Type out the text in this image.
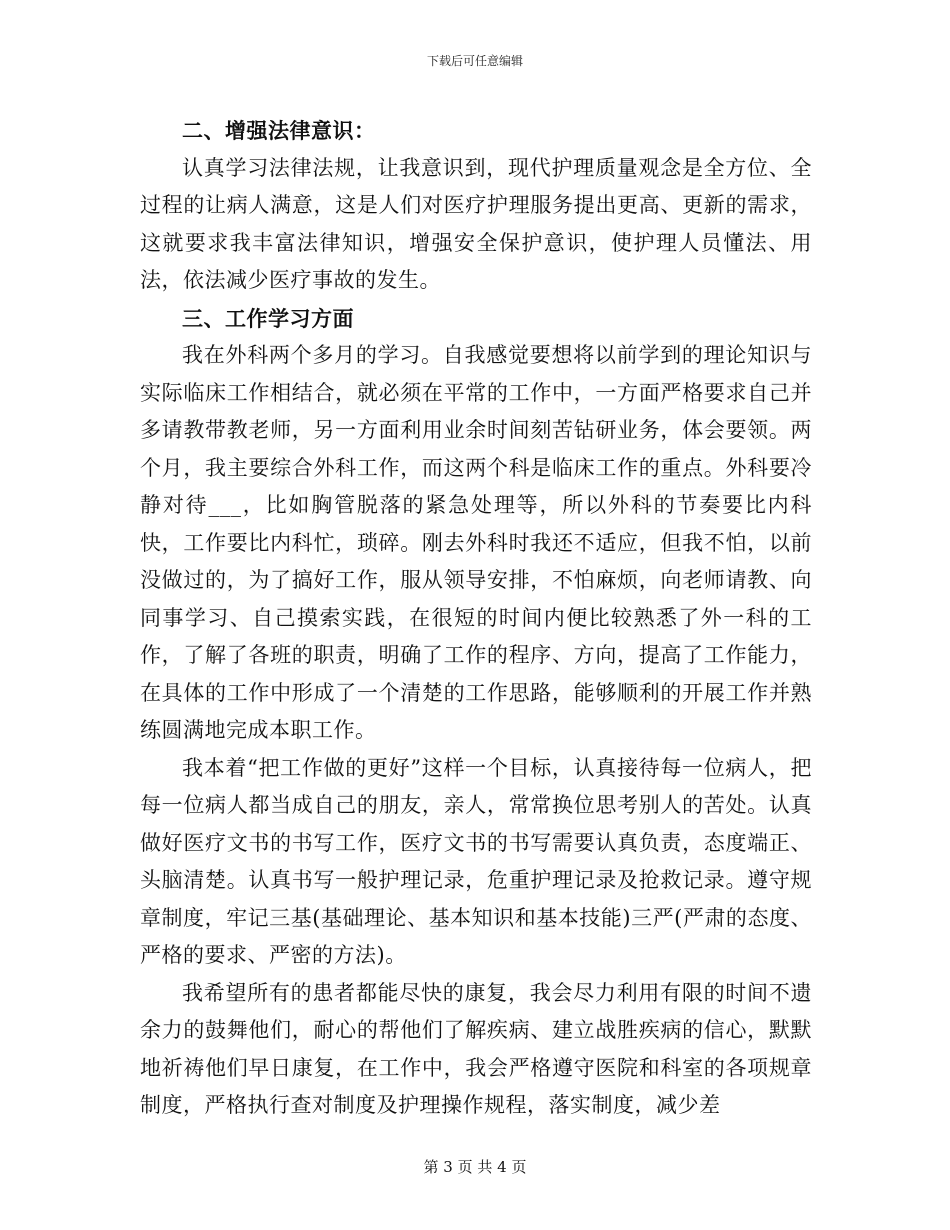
下载后可任意编辑

二、增强法律意识：

认真学习法律法规，让我意识到，现代护理质量观念是全方位、全过程的让病人满意，这是人们对医疗护理服务提出更高、更新的需求，这就要求我丰富法律知识，增强安全保护意识，使护理人员懂法、用法，依法减少医疗事故的发生。

三、工作学习方面

我在外科两个多月的学习。自我感觉要想将以前学到的理论知识与实际临床工作相结合，就必须在平常的工作中，一方面严格要求自己并多请教带教老师，另一方面利用业余时间刻苦钻研业务，体会要领。两个月，我主要综合外科工作，而这两个科是临床工作的重点。外科要冷静对待___，比如胸管脱落的紧急处理等，所以外科的节奏要比内科快，工作要比内科忙，琐碎。刚去外科时我还不适应，但我不怕，以前没做过的，为了搞好工作，服从领导安排，不怕麻烦，向老师请教、向同事学习、自己摸索实践，在很短的时间内便比较熟悉了外一科的工作，了解了各班的职责，明确了工作的程序、方向，提高了工作能力，在具体的工作中形成了一个清楚的工作思路，能够顺利的开展工作并熟练圆满地完成本职工作。

我本着“把工作做的更好”这样一个目标，认真接待每一位病人，把每一位病人都当成自己的朋友，亲人，常常换位思考别人的苦处。认真做好医疗文书的书写工作，医疗文书的书写需要认真负责，态度端正、头脑清楚。认真书写一般护理记录，危重护理记录及抢救记录。遵守规章制度，牢记三基(基础理论、基本知识和基本技能)三严(严肃的态度、严格的要求、严密的方法)。

我希望所有的患者都能尽快的康复，我会尽力利用有限的时间不遗余力的鼓舞他们，耐心的帮他们了解疾病、建立战胜疾病的信心，默默地祈祷他们早日康复，在工作中，我会严格遵守医院和科室的各项规章制度，严格执行查对制度及护理操作规程，落实制度，减少差

第 3 页 共 4 页
